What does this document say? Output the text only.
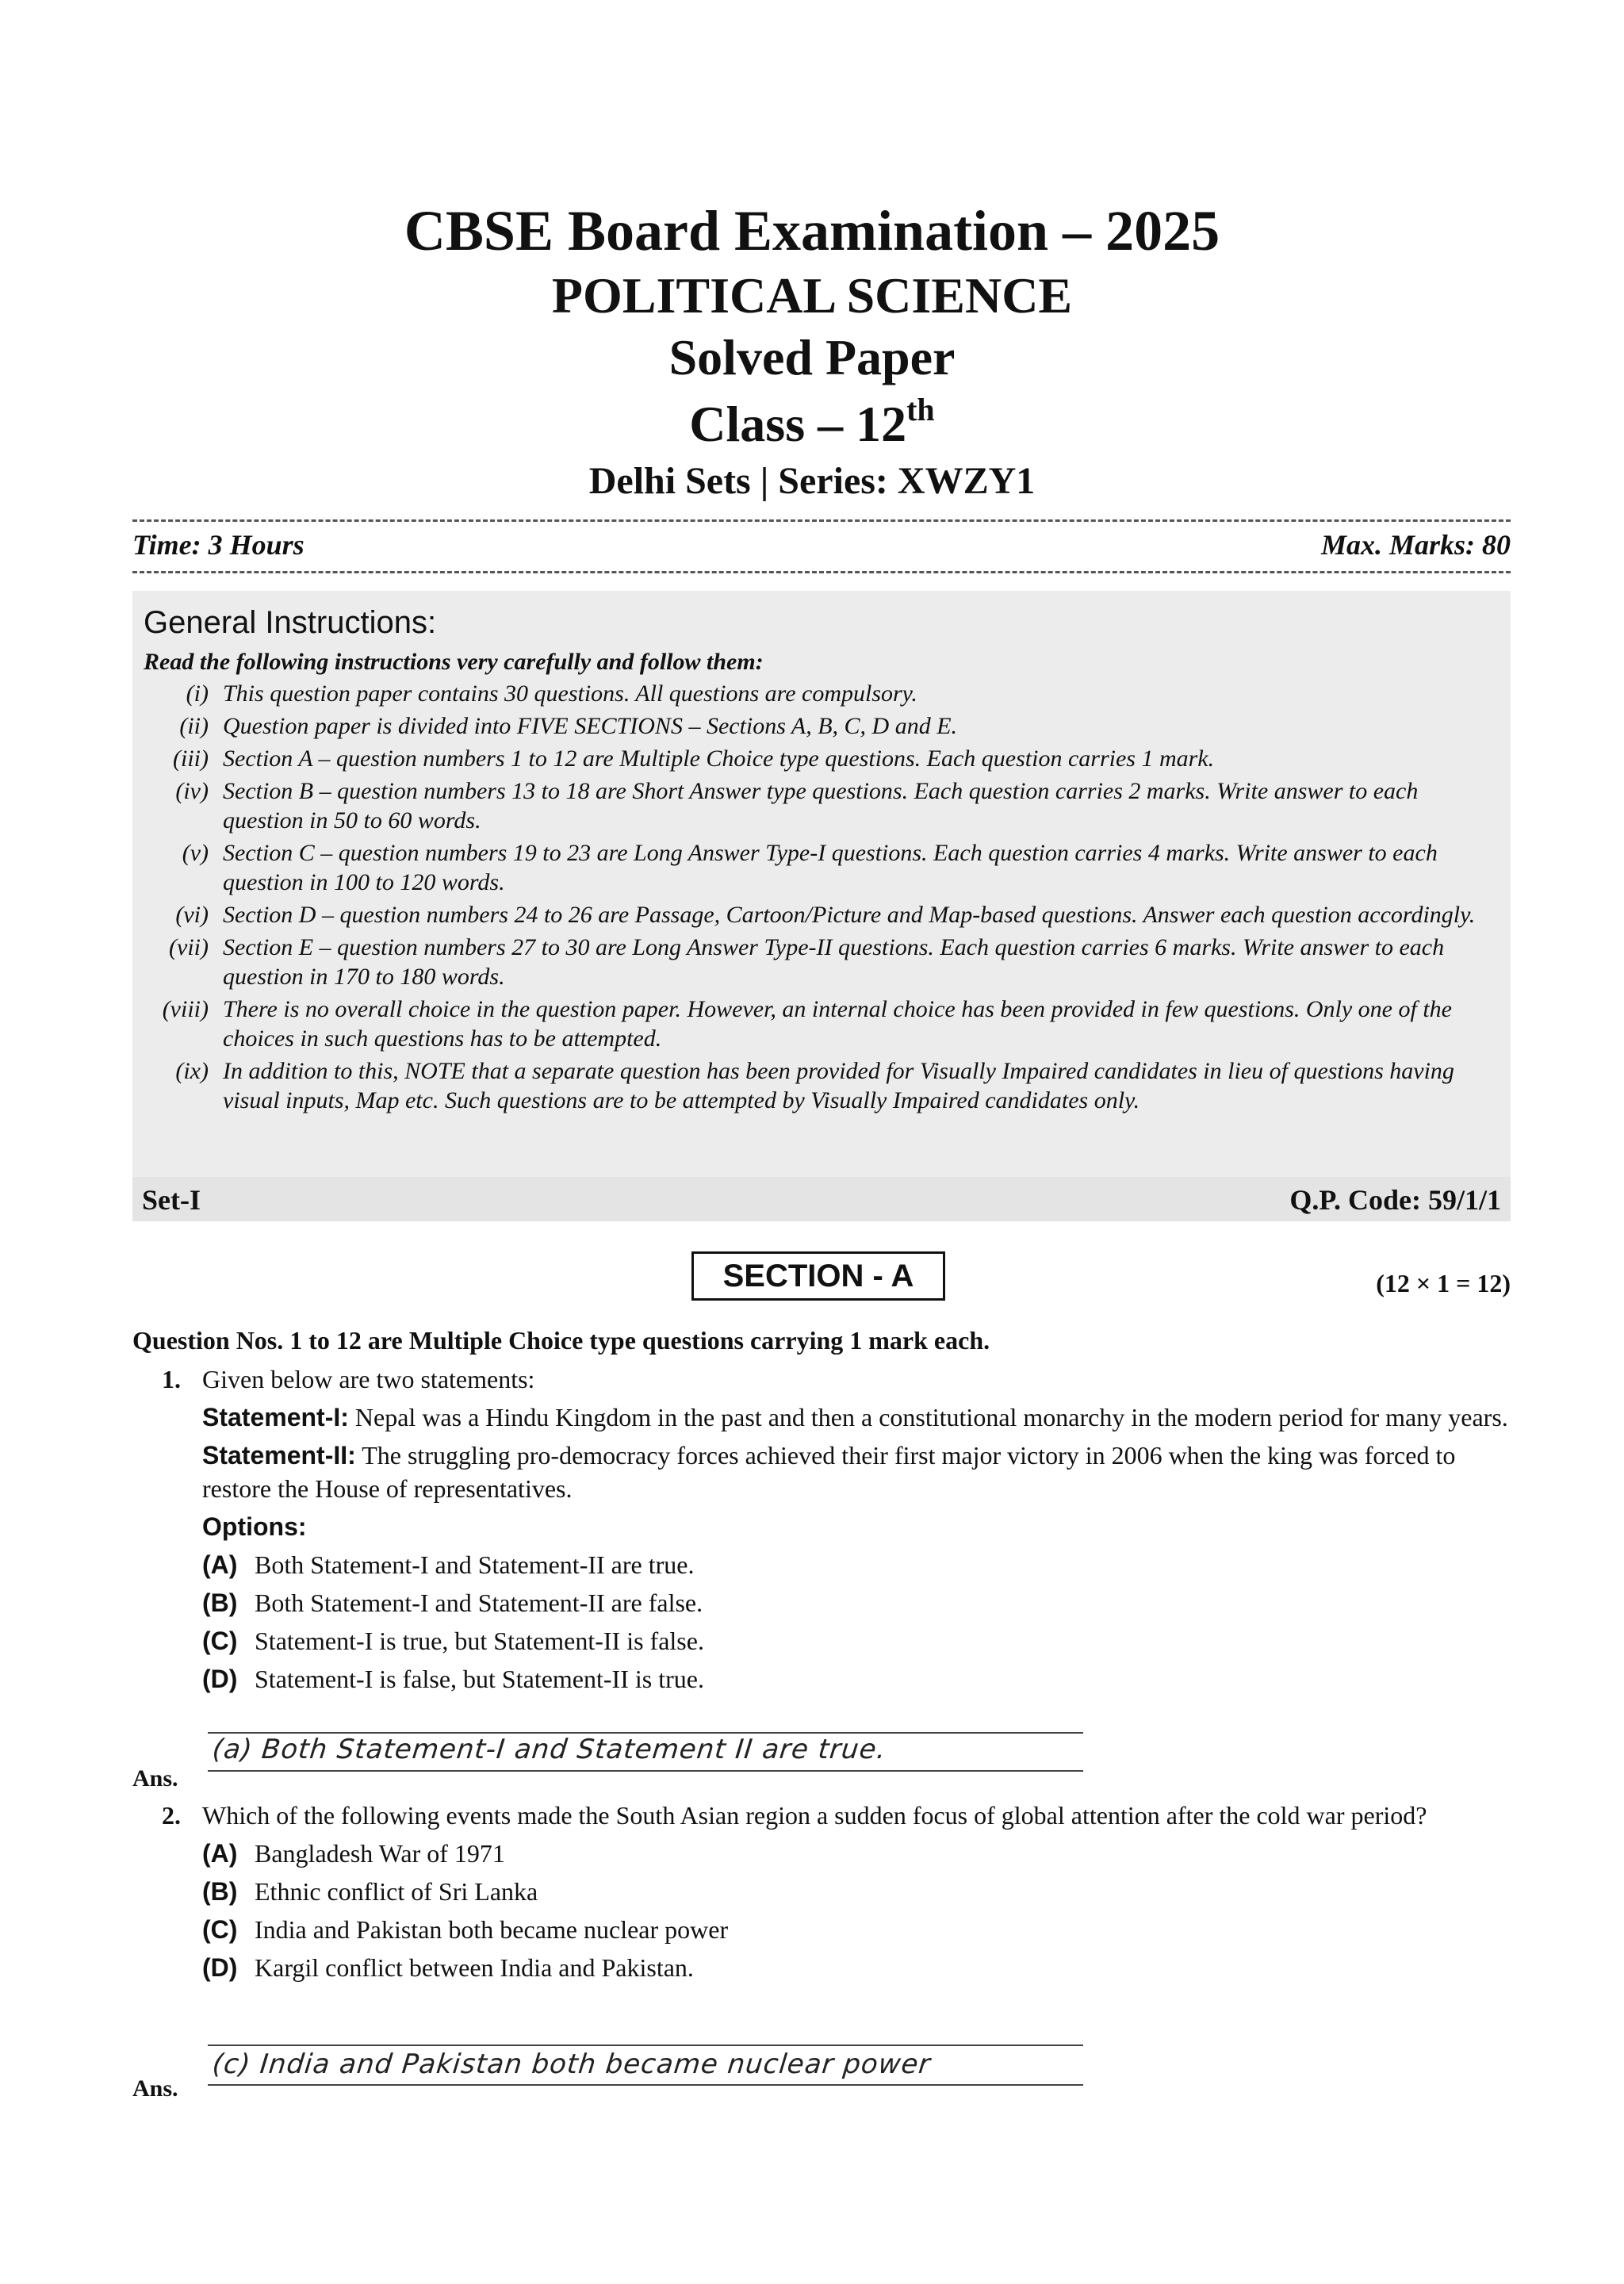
CBSE Board Examination – 2025
POLITICAL SCIENCE
Solved Paper
Class – 12th
Delhi Sets | Series: XWZY1
Time: 3 Hours	Max. Marks: 80
General Instructions:
Read the following instructions very carefully and follow them:
(i) This question paper contains 30 questions. All questions are compulsory.
(ii) Question paper is divided into FIVE SECTIONS – Sections A, B, C, D and E.
(iii) Section A – question numbers 1 to 12 are Multiple Choice type questions. Each question carries 1 mark.
(iv) Section B – question numbers 13 to 18 are Short Answer type questions. Each question carries 2 marks. Write answer to each question in 50 to 60 words.
(v) Section C – question numbers 19 to 23 are Long Answer Type-I questions. Each question carries 4 marks. Write answer to each question in 100 to 120 words.
(vi) Section D – question numbers 24 to 26 are Passage, Cartoon/Picture and Map-based questions. Answer each question accordingly.
(vii) Section E – question numbers 27 to 30 are Long Answer Type-II questions. Each question carries 6 marks. Write answer to each question in 170 to 180 words.
(viii) There is no overall choice in the question paper. However, an internal choice has been provided in few questions. Only one of the choices in such questions has to be attempted.
(ix) In addition to this, NOTE that a separate question has been provided for Visually Impaired candidates in lieu of questions having visual inputs, Map etc. Such questions are to be attempted by Visually Impaired candidates only.
Set-I	Q.P. Code: 59/1/1
SECTION - A	(12 × 1 = 12)
Question Nos. 1 to 12 are Multiple Choice type questions carrying 1 mark each.
1. Given below are two statements:
Statement-I: Nepal was a Hindu Kingdom in the past and then a constitutional monarchy in the modern period for many years.
Statement-II: The struggling pro-democracy forces achieved their first major victory in 2006 when the king was forced to restore the House of representatives.
Options:
(A) Both Statement-I and Statement-II are true.
(B) Both Statement-I and Statement-II are false.
(C) Statement-I is true, but Statement-II is false.
(D) Statement-I is false, but Statement-II is true.
(a) Both Statement-I and Statement II are true.
Ans.
2. Which of the following events made the South Asian region a sudden focus of global attention after the cold war period?
(A) Bangladesh War of 1971
(B) Ethnic conflict of Sri Lanka
(C) India and Pakistan both became nuclear power
(D) Kargil conflict between India and Pakistan.
(c) India and Pakistan both became nuclear power
Ans.
